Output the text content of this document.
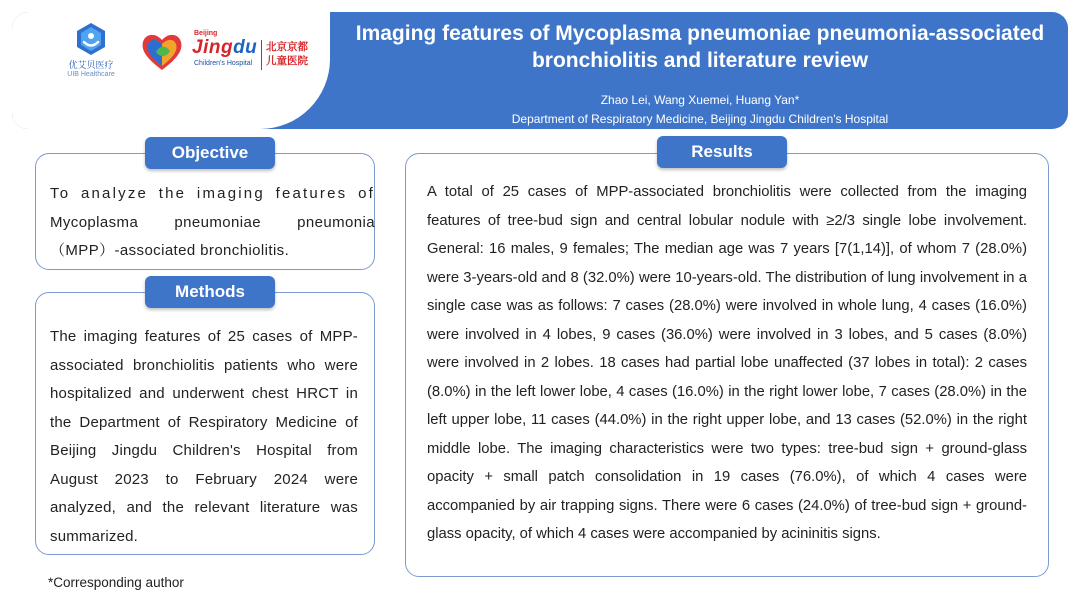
优艾贝医疗
UIB Healthcare
Beijing
Jingdu
Children's Hospital
北京京都
儿童医院
Imaging features of Mycoplasma pneumoniae pneumonia-associated bronchiolitis and literature review
Zhao Lei, Wang Xuemei, Huang Yan*
Department of Respiratory Medicine, Beijing Jingdu Children's Hospital
Objective
To analyze the imaging features of Mycoplasma pneumoniae pneumonia（MPP）-associated bronchiolitis.
Methods
The imaging features of 25 cases of MPP-associated bronchiolitis patients who were hospitalized and underwent chest HRCT in the Department of Respiratory Medicine of Beijing Jingdu Children's Hospital from August 2023 to February 2024 were analyzed, and the relevant literature was summarized.
Results
A total of 25 cases of MPP-associated bronchiolitis were collected from the imaging features of tree-bud sign and central lobular nodule with ≥2/3 single lobe involvement. General: 16 males, 9 females; The median age was 7 years [7(1,14)], of whom 7 (28.0%) were 3-years-old and 8 (32.0%) were 10-years-old. The distribution of lung involvement in a single case was as follows: 7 cases (28.0%) were involved in whole lung, 4 cases (16.0%) were involved in 4 lobes, 9 cases (36.0%) were involved in 3 lobes, and 5 cases (8.0%) were involved in 2 lobes. 18 cases had partial lobe unaffected (37 lobes in total): 2 cases (8.0%) in the left lower lobe, 4 cases (16.0%) in the right lower lobe, 7 cases (28.0%) in the left upper lobe, 11 cases (44.0%) in the right upper lobe, and 13 cases (52.0%) in the right middle lobe. The imaging characteristics were two types: tree-bud sign + ground-glass opacity + small patch consolidation in 19 cases (76.0%), of which 4 cases were accompanied by air trapping signs. There were 6 cases (24.0%) of tree-bud sign + ground-glass opacity, of which 4 cases were accompanied by acininitis signs.
*Corresponding author
